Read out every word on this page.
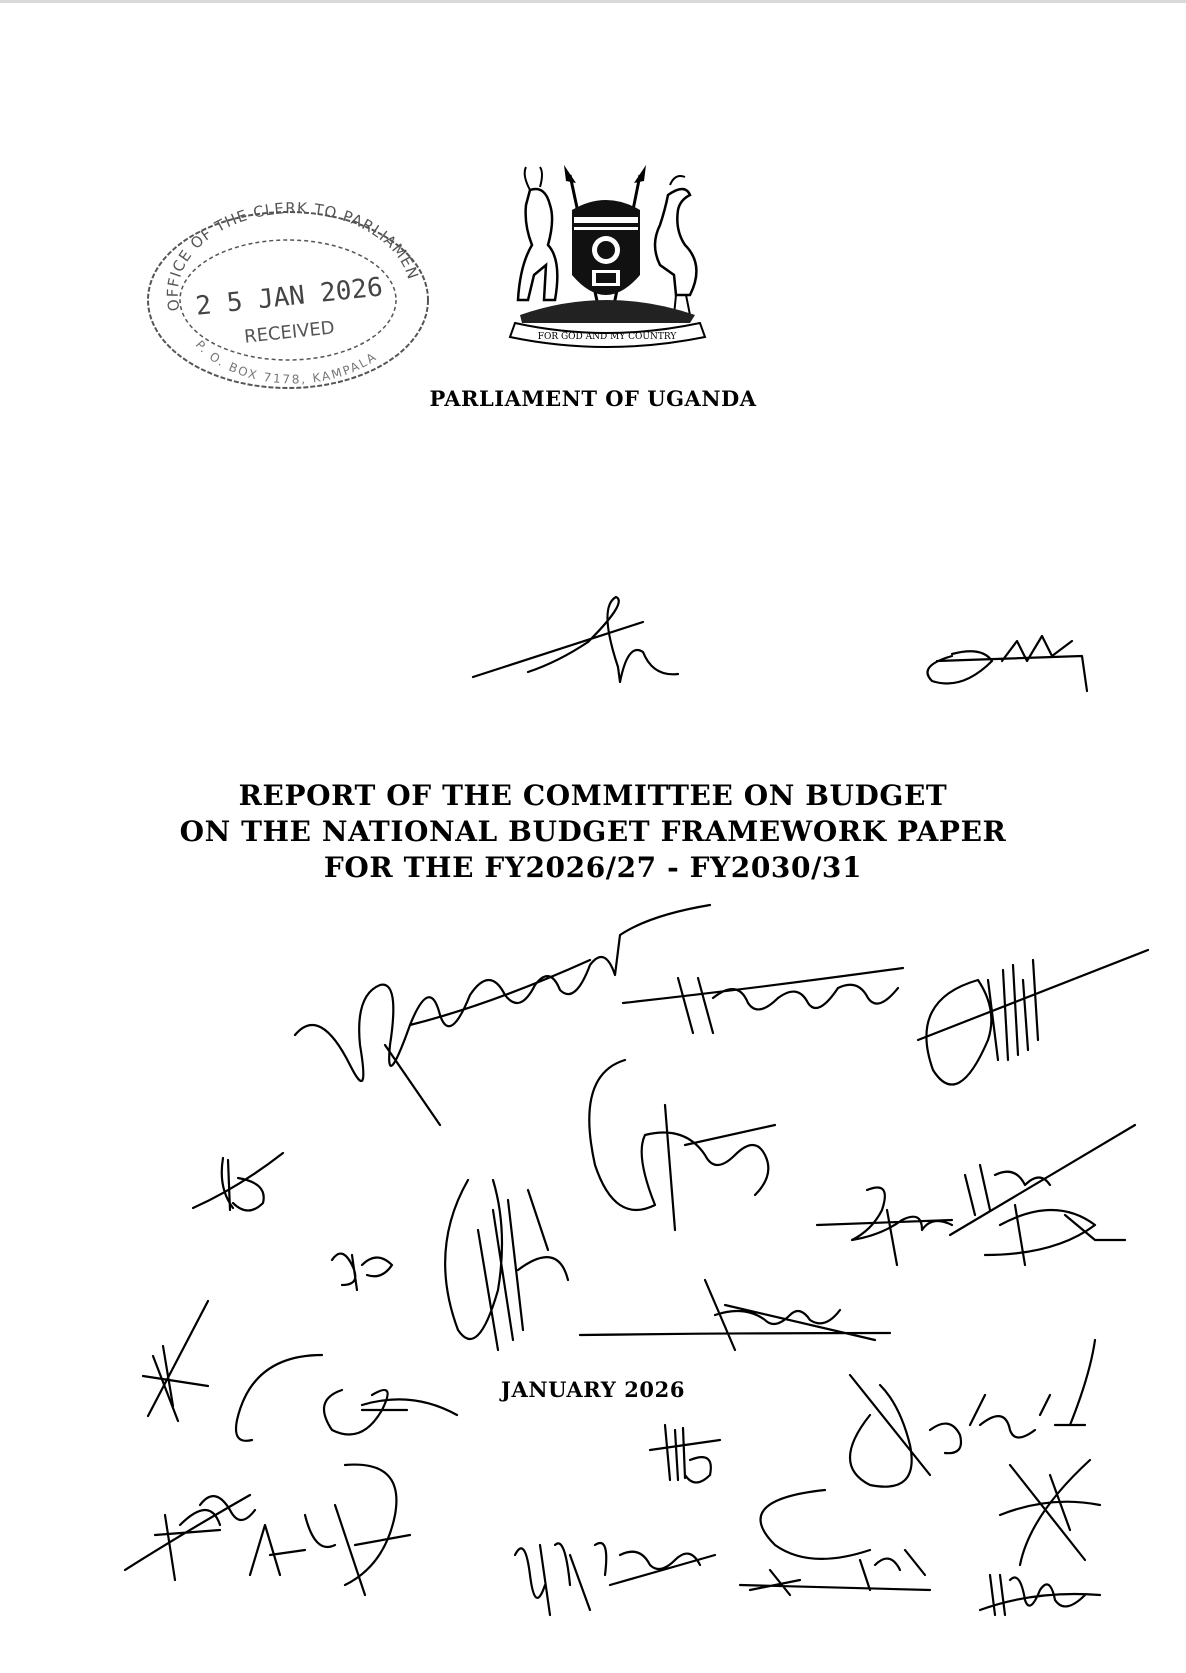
OFFICE OF THE CLERK TO PARLIAMEN
2 5 JAN 2026
RECEIVED
P. O. BOX 7178, KAMPALA
FOR GOD AND MY COUNTRY
PARLIAMENT OF UGANDA
REPORT OF THE COMMITTEE ON BUDGET
ON THE NATIONAL BUDGET FRAMEWORK PAPER
FOR THE FY2026/27 - FY2030/31
JANUARY 2026
